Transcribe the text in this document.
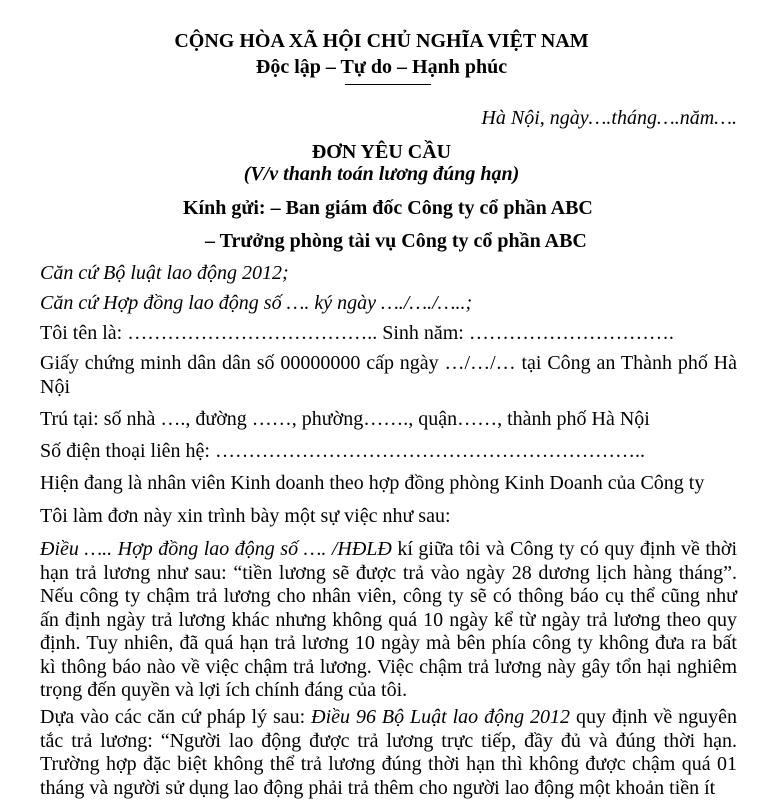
CỘNG HÒA XÃ HỘI CHỦ NGHĨA VIỆT NAM
Độc lập – Tự do – Hạnh phúc
Hà Nội, ngày….tháng….năm….
ĐƠN YÊU CẦU
(V/v thanh toán lương đúng hạn)
Kính gửi: – Ban giám đốc Công ty cổ phần ABC
– Trưởng phòng tài vụ Công ty cổ phần ABC
Căn cứ Bộ luật lao động 2012;
Căn cứ Hợp đồng lao động số …. ký ngày …./…./…..;
Tôi tên là: ……………………………….. Sinh năm: ………………………….
Giấy chứng minh dân dân số 00000000 cấp ngày …/…/… tại Công an Thành phố Hà Nội
Trú tại: số nhà …., đường ……, phường……., quận……, thành phố Hà Nội
Số điện thoại liên hệ: ………………………………………………………..
Hiện đang là nhân viên Kinh doanh theo hợp đồng phòng Kinh Doanh của Công ty
Tôi làm đơn này xin trình bày một sự việc như sau:
Điều ….. Hợp đồng lao động số …. /HĐLĐ kí giữa tôi và Công ty có quy định về thời hạn trả lương như sau: “tiền lương sẽ được trả vào ngày 28 dương lịch hàng tháng”. Nếu công ty chậm trả lương cho nhân viên, công ty sẽ có thông báo cụ thể cũng như ấn định ngày trả lương khác nhưng không quá 10 ngày kể từ ngày trả lương theo quy định. Tuy nhiên, đã quá hạn trả lương 10 ngày mà bên phía công ty không đưa ra bất kì thông báo nào về việc chậm trả lương. Việc chậm trả lương này gây tổn hại nghiêm trọng đến quyền và lợi ích chính đáng của tôi.
Dựa vào các căn cứ pháp lý sau: Điều 96 Bộ Luật lao động 2012 quy định về nguyên tắc trả lương: “Người lao động được trả lương trực tiếp, đầy đủ và đúng thời hạn. Trường hợp đặc biệt không thể trả lương đúng thời hạn thì không được chậm quá 01 tháng và người sử dụng lao động phải trả thêm cho người lao động một khoản tiền ít
